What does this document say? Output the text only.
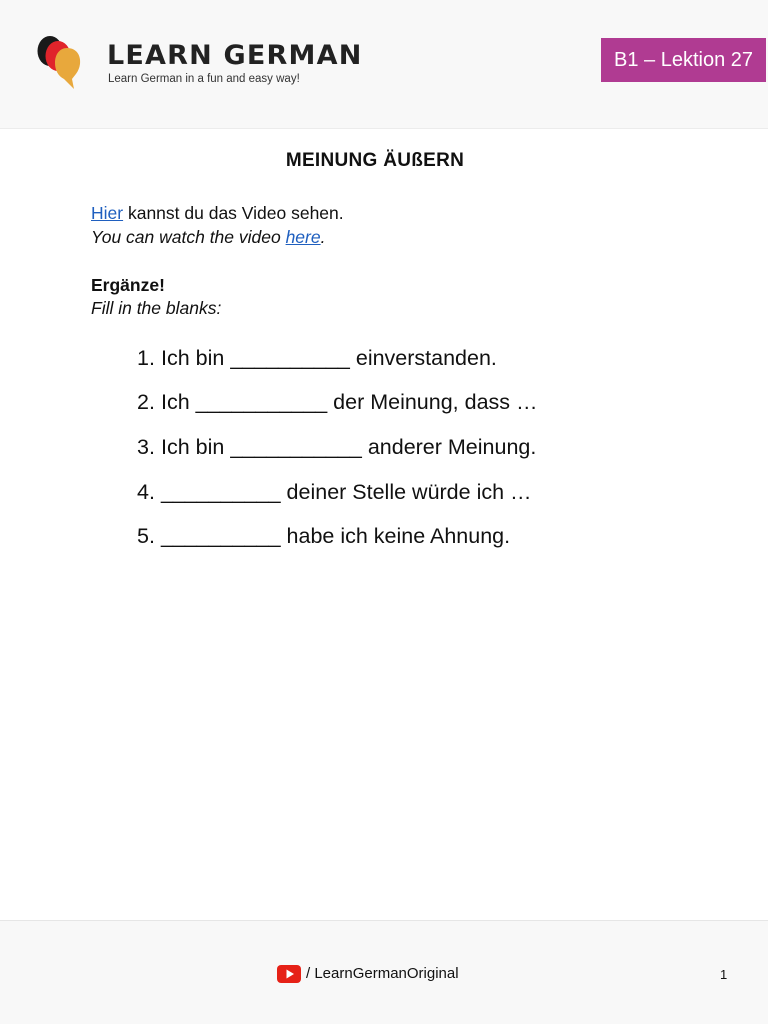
LEARN GERMAN
Learn German in a fun and easy way!
B1 – Lektion 27
MEINUNG ÄUßERN
Hier kannst du das Video sehen.
You can watch the video here.
Ergänze!
Fill in the blanks:
1. Ich bin __________ einverstanden.
2. Ich ___________ der Meinung, dass …
3. Ich bin ___________ anderer Meinung.
4. __________ deiner Stelle würde ich …
5. __________ habe ich keine Ahnung.
/ LearnGermanOriginal	1
